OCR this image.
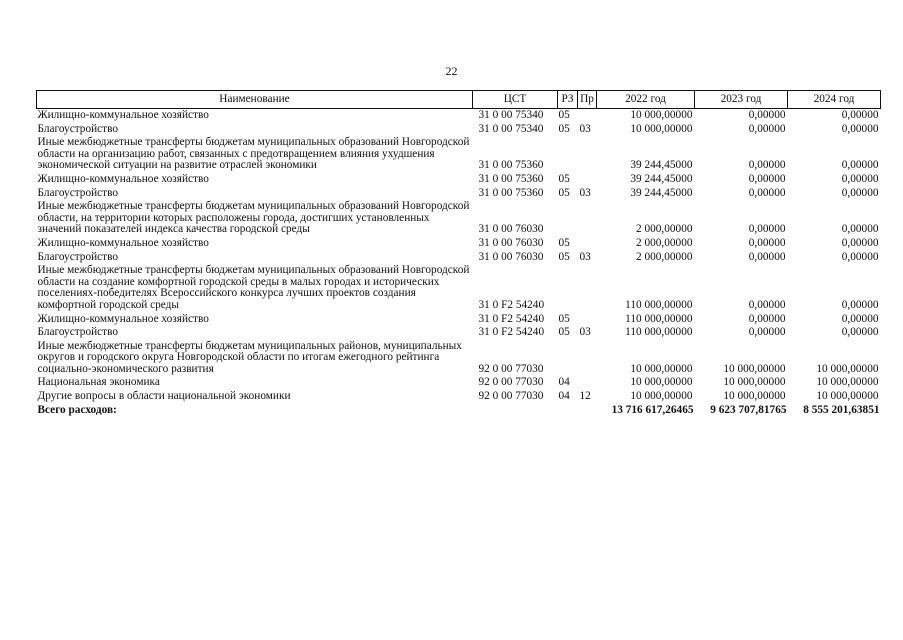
22
Наименование	ЦСТ	РЗ	Пр	2022 год	2023 год	2024 год
Жилищно-коммунальное хозяйство	31 0 00 75340	05		10 000,00000	0,00000	0,00000
Благоустройство	31 0 00 75340	05	03	10 000,00000	0,00000	0,00000
Иные межбюджетные трансферты бюджетам муниципальных образований Новгородской области на организацию работ, связанных с предотвращением влияния ухудшения экономической ситуации на развитие отраслей экономики	31 0 00 75360			39 244,45000	0,00000	0,00000
Жилищно-коммунальное хозяйство	31 0 00 75360	05		39 244,45000	0,00000	0,00000
Благоустройство	31 0 00 75360	05	03	39 244,45000	0,00000	0,00000
Иные межбюджетные трансферты бюджетам муниципальных образований Новгородской области, на территории которых расположены города, достигших установленных значений показателей индекса качества городской среды	31 0 00 76030			2 000,00000	0,00000	0,00000
Жилищно-коммунальное хозяйство	31 0 00 76030	05		2 000,00000	0,00000	0,00000
Благоустройство	31 0 00 76030	05	03	2 000,00000	0,00000	0,00000
Иные межбюджетные трансферты бюджетам муниципальных образований Новгородской области на создание комфортной городской среды в малых городах и исторических поселениях-победителях Всероссийского конкурса лучших проектов создания комфортной городской среды	31 0 F2 54240			110 000,00000	0,00000	0,00000
Жилищно-коммунальное хозяйство	31 0 F2 54240	05		110 000,00000	0,00000	0,00000
Благоустройство	31 0 F2 54240	05	03	110 000,00000	0,00000	0,00000
Иные межбюджетные трансферты бюджетам муниципальных районов, муниципальных округов и городского округа Новгородской области по итогам ежегодного рейтинга социально-экономического развития	92 0 00 77030			10 000,00000	10 000,00000	10 000,00000
Национальная экономика	92 0 00 77030	04		10 000,00000	10 000,00000	10 000,00000
Другие вопросы в области национальной экономики	92 0 00 77030	04	12	10 000,00000	10 000,00000	10 000,00000
Всего расходов:				13 716 617,26465	9 623 707,81765	8 555 201,63851
